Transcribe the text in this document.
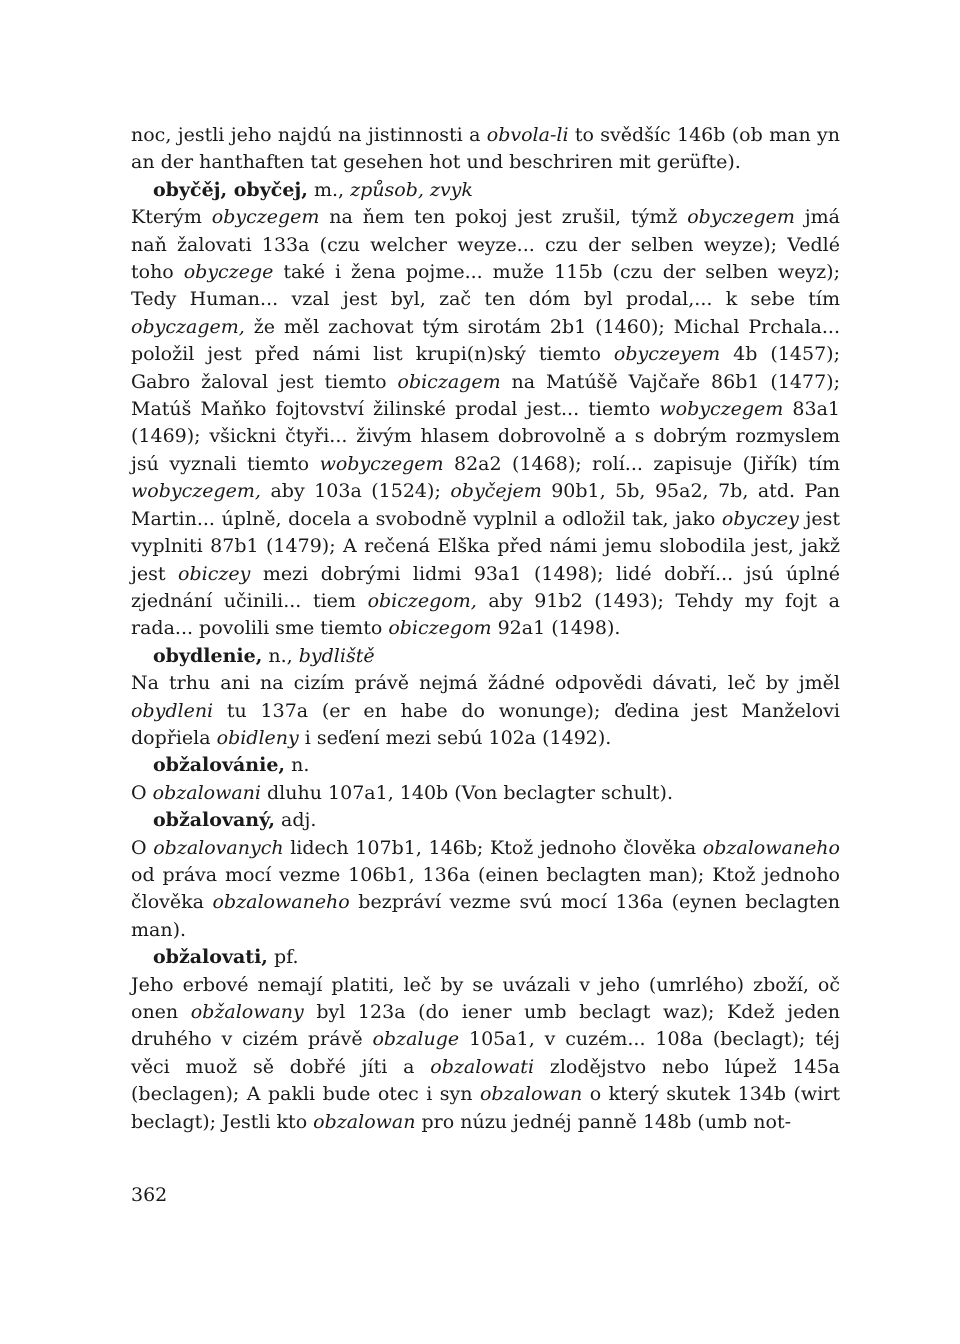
noc, jestli jeho najdú na jistinnosti a obvola-li to svědšíc 146b (ob man yn an der hanthaften tat gesehen hot und beschriren mit gerüfte).

obyčěj, obyčej, m., způsob, zvyk

Kterým obyczegem na ňem ten pokoj jest zrušil, týmž obyczegem jmá naň žalovati 133a (czu welcher weyze... czu der selben weyze); Vedlé toho obyczege také i žena pojme... muže 115b (czu der selben weyz); Tedy Human... vzal jest byl, zač ten dóm byl prodal,... k sebe tím obyczagem, že měl zachovat tým sirotám 2b1 (1460); Michal Prchala... položil jest před námi list krupi(n)ský tiemto obyczeyem 4b (1457); Gabro žaloval jest tiemto obiczagem na Matúšě Vajčaře 86b1 (1477); Matúš Maňko fojtovství žilinské prodal jest... tiemto wobyczegem 83a1 (1469); všickni čtyři... živým hlasem dobrovolně a s dobrým rozmyslem jsú vyznali tiemto wobyczegem 82a2 (1468); rolí... zapisuje (Jiřík) tím wobyczegem, aby 103a (1524); obyčejem 90b1, 5b, 95a2, 7b, atd. Pan Martin... úplně, docela a svobodně vyplnil a odložil tak, jako obyczey jest vyplniti 87b1 (1479); A rečená Elška před námi jemu slobodila jest, jakž jest obiczey mezi dobrými lidmi 93a1 (1498); lidé dobří... jsú úplné zjednání učinili... tiem obiczegom, aby 91b2 (1493); Tehdy my fojt a rada... povolili sme tiemto obiczegom 92a1 (1498).

obydlenie, n., bydliště

Na trhu ani na cizím právě nejmá žádné odpovědi dávati, leč by jměl obydleni tu 137a (er en habe do wonunge); ďedina jest Manželovi dopřiela obidleny i seďení mezi sebú 102a (1492).

obžalovánie, n.

O obzalowani dluhu 107a1, 140b (Von beclagter schult).

obžalovaný, adj.

O obzalovanych lidech 107b1, 146b; Ktož jednoho člověka obzalowaneho od práva mocí vezme 106b1, 136a (einen beclagten man); Ktož jednoho člověka obzalowaneho bezpráví vezme svú mocí 136a (eynen beclagten man).

obžalovati, pf.

Jeho erbové nemají platiti, leč by se uvázali v jeho (umrlého) zboží, oč onen obžalowany byl 123a (do iener umb beclagt waz); Kdež jeden druhého v cizém právě obzaluge 105a1, v cuzém... 108a (beclagt); téj věci muož sě dobřé jíti a obzalowati zlodějstvo nebo lúpež 145a (beclagen); A pakli bude otec i syn obzalowan o který skutek 134b (wirt beclagt); Jestli kto obzalowan pro núzu jednéj panně 148b (umb not-

362
